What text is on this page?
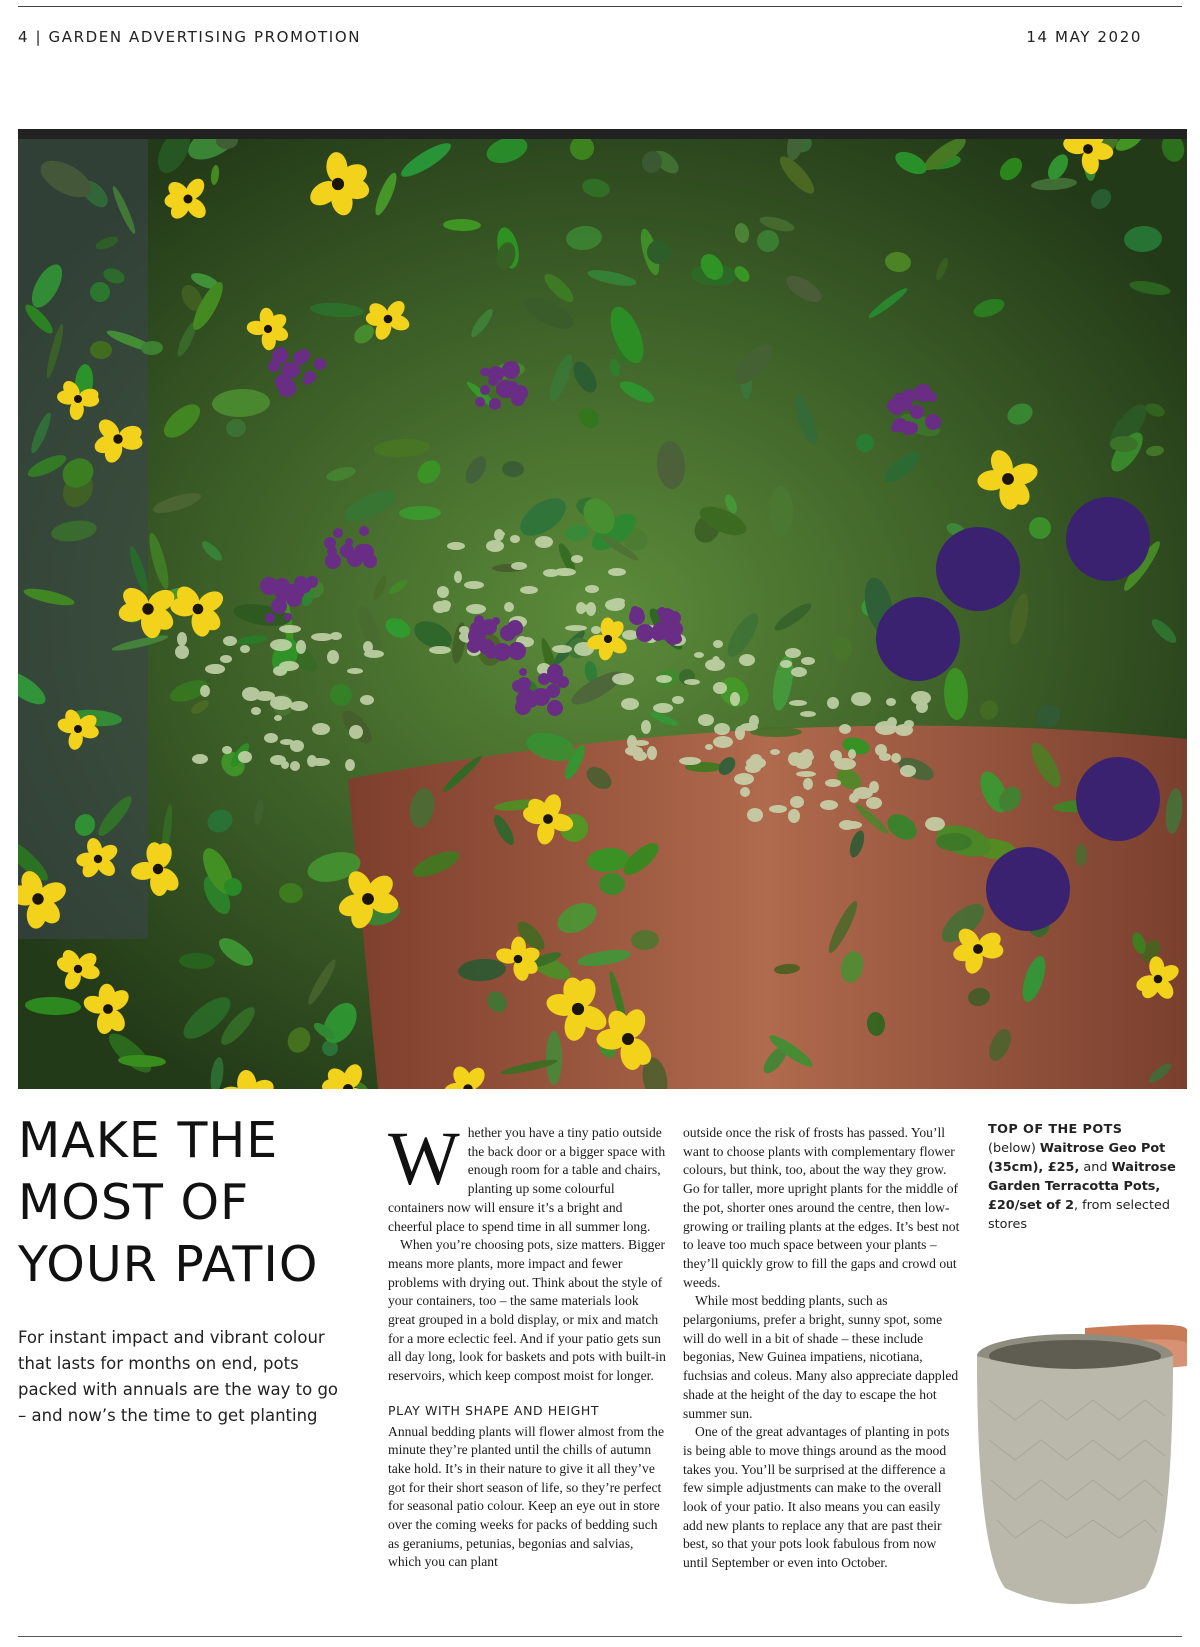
4 | GARDEN ADVERTISING PROMOTION	14 MAY 2020
MAKE THE
MOST OF
YOUR PATIO

For instant impact and vibrant colour that lasts for months on end, pots packed with annuals are the way to go – and now’s the time to get planting

Whether you have a tiny patio outside the back door or a bigger space with enough room for a table and chairs, planting up some colourful containers now will ensure it’s a bright and cheerful place to spend time in all summer long.

When you’re choosing pots, size matters. Bigger means more plants, more impact and fewer problems with drying out. Think about the style of your containers, too – the same materials look great grouped in a bold display, or mix and match for a more eclectic feel. And if your patio gets sun all day long, look for baskets and pots with built-in reservoirs, which keep compost moist for longer.

PLAY WITH SHAPE AND HEIGHT

Annual bedding plants will flower almost from the minute they’re planted until the chills of autumn take hold. It’s in their nature to give it all they’ve got for their short season of life, so they’re perfect for seasonal patio colour. Keep an eye out in store over the coming weeks for packs of bedding such as geraniums, petunias, begonias and salvias, which you can plant

outside once the risk of frosts has passed. You’ll want to choose plants with complementary flower colours, but think, too, about the way they grow. Go for taller, more upright plants for the middle of the pot, shorter ones around the centre, then low-growing or trailing plants at the edges. It’s best not to leave too much space between your plants – they’ll quickly grow to fill the gaps and crowd out weeds.

While most bedding plants, such as pelargoniums, prefer a bright, sunny spot, some will do well in a bit of shade – these include begonias, New Guinea impatiens, nicotiana, fuchsias and coleus. Many also appreciate dappled shade at the height of the day to escape the hot summer sun.

One of the great advantages of planting in pots is being able to move things around as the mood takes you. You’ll be surprised at the difference a few simple adjustments can make to the overall look of your patio. It also means you can easily add new plants to replace any that are past their best, so that your pots look fabulous from now until September or even into October.

TOP OF THE POTS
(below) Waitrose Geo Pot (35cm), £25, and Waitrose Garden Terracotta Pots, £20/set of 2, from selected stores
